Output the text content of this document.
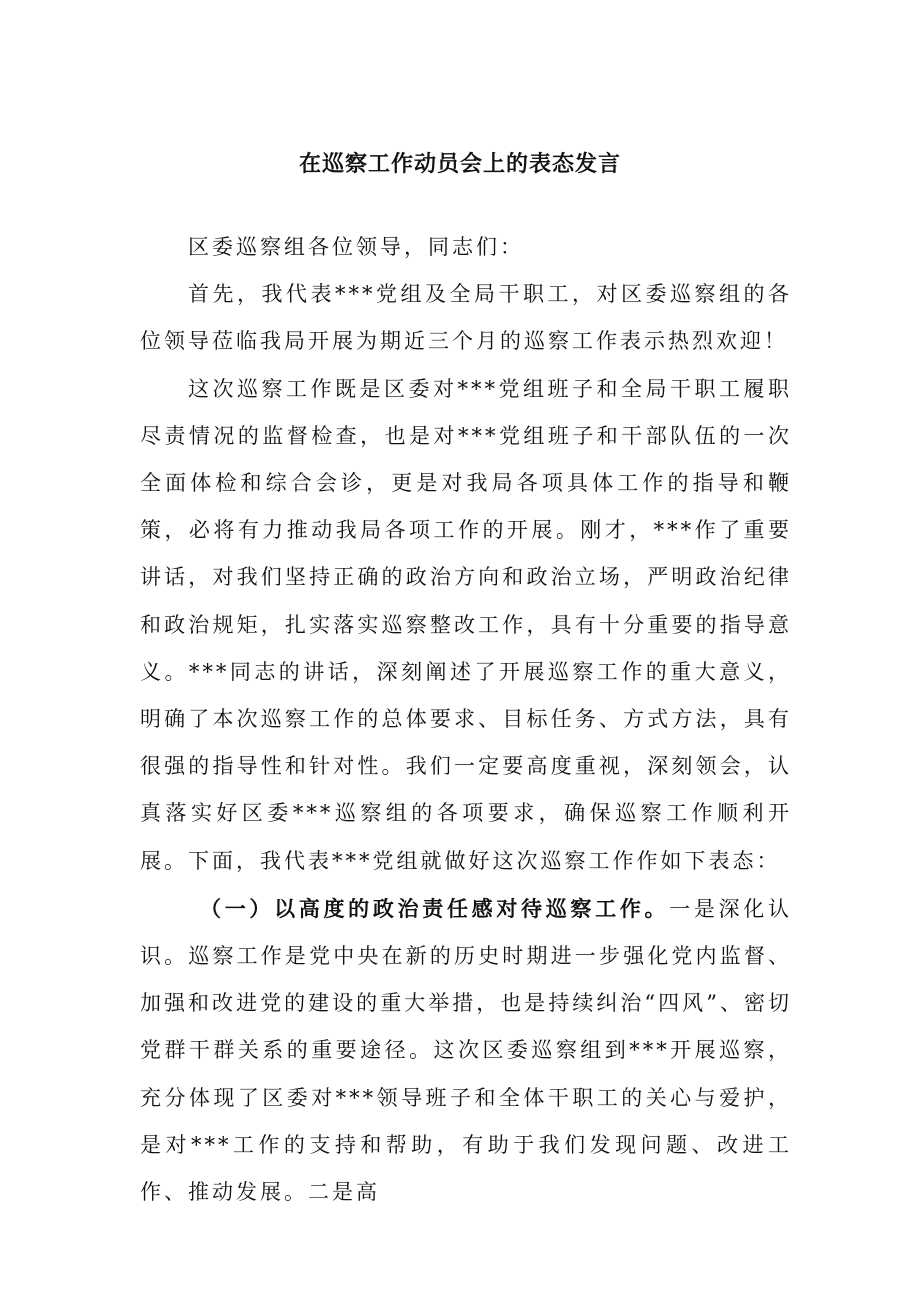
在巡察工作动员会上的表态发言

区委巡察组各位领导，同志们：

首先，我代表***党组及全局干职工，对区委巡察组的各位领导莅临我局开展为期近三个月的巡察工作表示热烈欢迎！

这次巡察工作既是区委对***党组班子和全局干职工履职尽责情况的监督检查，也是对***党组班子和干部队伍的一次全面体检和综合会诊，更是对我局各项具体工作的指导和鞭策，必将有力推动我局各项工作的开展。刚才，***作了重要讲话，对我们坚持正确的政治方向和政治立场，严明政治纪律和政治规矩，扎实落实巡察整改工作，具有十分重要的指导意义。***同志的讲话，深刻阐述了开展巡察工作的重大意义，明确了本次巡察工作的总体要求、目标任务、方式方法，具有很强的指导性和针对性。我们一定要高度重视，深刻领会，认真落实好区委***巡察组的各项要求，确保巡察工作顺利开展。下面，我代表***党组就做好这次巡察工作作如下表态：

（一）以高度的政治责任感对待巡察工作。一是深化认识。巡察工作是党中央在新的历史时期进一步强化党内监督、加强和改进党的建设的重大举措，也是持续纠治“四风”、密切党群干群关系的重要途径。这次区委巡察组到***开展巡察，充分体现了区委对***领导班子和全体干职工的关心与爱护，是对***工作的支持和帮助，有助于我们发现问题、改进工作、推动发展。二是高
